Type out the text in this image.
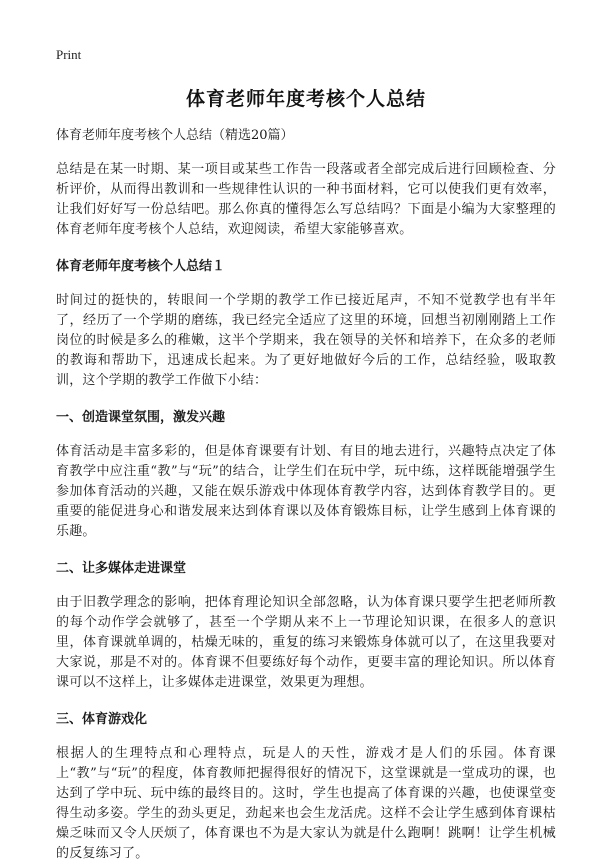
Print
体育老师年度考核个人总结
体育老师年度考核个人总结（精选20篇）

总结是在某一时期、某一项目或某些工作告一段落或者全部完成后进行回顾检查、分析评价，从而得出教训和一些规律性认识的一种书面材料，它可以使我们更有效率，让我们好好写一份总结吧。那么你真的懂得怎么写总结吗？下面是小编为大家整理的体育老师年度考核个人总结，欢迎阅读，希望大家能够喜欢。

体育老师年度考核个人总结１

时间过的挺快的，转眼间一个学期的教学工作已接近尾声，不知不觉教学也有半年了，经历了一个学期的磨练，我已经完全适应了这里的环境，回想当初刚刚踏上工作岗位的时候是多么的稚嫩，这半个学期来，我在领导的关怀和培养下，在众多的老师的教诲和帮助下，迅速成长起来。为了更好地做好今后的工作，总结经验，吸取教训，这个学期的教学工作做下小结：

一、创造课堂氛围，激发兴趣

体育活动是丰富多彩的，但是体育课要有计划、有目的地去进行，兴趣特点决定了体育教学中应注重“教”与“玩”的结合，让学生们在玩中学，玩中练，这样既能增强学生参加体育活动的兴趣，又能在娱乐游戏中体现体育教学内容，达到体育教学目的。更重要的能促进身心和谐发展来达到体育课以及体育锻炼目标，让学生感到上体育课的乐趣。

二、让多媒体走进课堂

由于旧教学理念的影响，把体育理论知识全部忽略，认为体育课只要学生把老师所教的每个动作学会就够了，甚至一个学期从来不上一节理论知识课，在很多人的意识里，体育课就单调的，枯燥无味的，重复的练习来锻炼身体就可以了，在这里我要对大家说，那是不对的。体育课不但要练好每个动作，更要丰富的理论知识。所以体育课可以不这样上，让多媒体走进课堂，效果更为理想。

三、体育游戏化

根据人的生理特点和心理特点，玩是人的天性，游戏才是人们的乐园。体育课上“教”与“玩”的程度，体育教师把握得很好的情况下，这堂课就是一堂成功的课，也达到了学中玩、玩中练的最终目的。这时，学生也提高了体育课的兴趣，也使课堂变得生动多姿。学生的劲头更足，劲起来也会生龙活虎。这样不会让学生感到体育课枯燥乏味而又令人厌烦了，体育课也不为是大家认为就是什么跑啊！跳啊！让学生机械的反复练习了。
